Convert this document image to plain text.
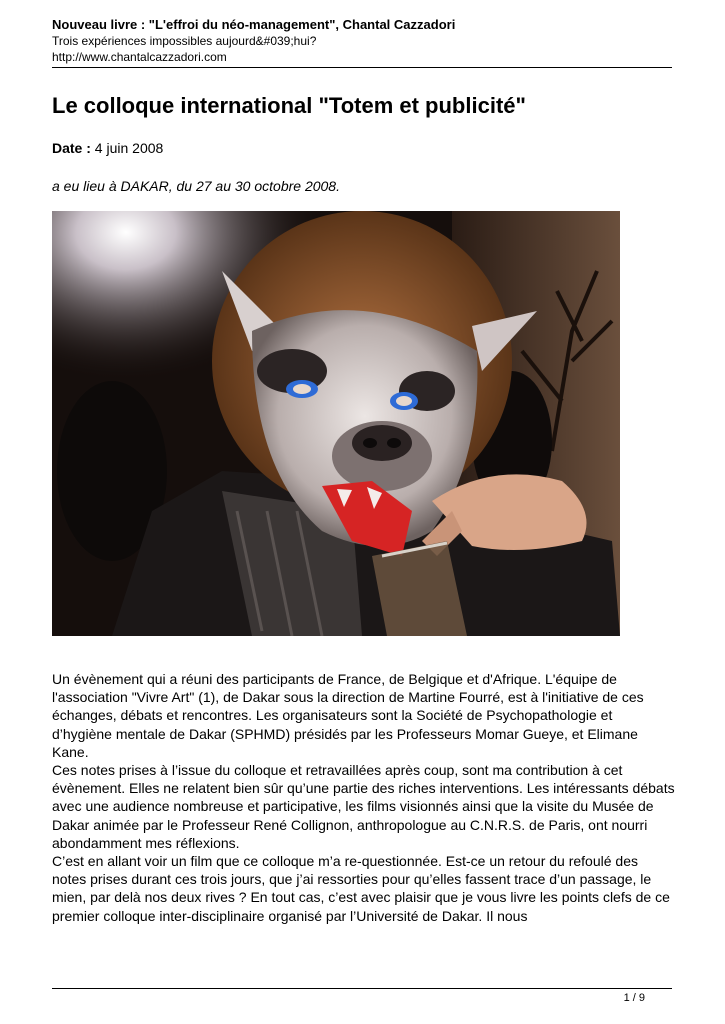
Nouveau livre : "L'effroi du néo-management", Chantal Cazzadori
Trois expériences impossibles aujourd&#039;hui?
http://www.chantalcazzadori.com
Le colloque international "Totem et publicité"
Date : 4 juin 2008
a eu lieu à DAKAR, du 27 au 30 octobre 2008.

Un évènement qui a réuni des participants de France, de Belgique et d'Afrique. L'équipe de l'association "Vivre Art" (1), de Dakar sous la direction de Martine Fourré, est à l'initiative de ces échanges, débats et rencontres. Les organisateurs sont la Société de Psychopathologie et d’hygiène mentale de Dakar (SPHMD) présidés par les Professeurs Momar Gueye, et Elimane Kane.

Ces notes prises à l’issue du colloque et retravaillées après coup, sont ma contribution à cet évènement. Elles ne relatent bien sûr qu’une partie des riches interventions. Les intéressants débats avec une audience nombreuse et participative, les films visionnés ainsi que la visite du Musée de Dakar animée par le Professeur René Collignon, anthropologue au C.N.R.S. de Paris, ont nourri abondamment mes réflexions.

C’est en allant voir un film que ce colloque m’a re-questionnée. Est-ce un retour du refoulé des notes prises durant ces trois jours, que j’ai ressorties pour qu’elles fassent trace d’un passage, le mien, par delà nos deux rives ? En tout cas, c’est avec plaisir que je vous livre les points clefs de ce premier colloque inter-disciplinaire organisé par l’Université de Dakar. Il nous

1 / 9
